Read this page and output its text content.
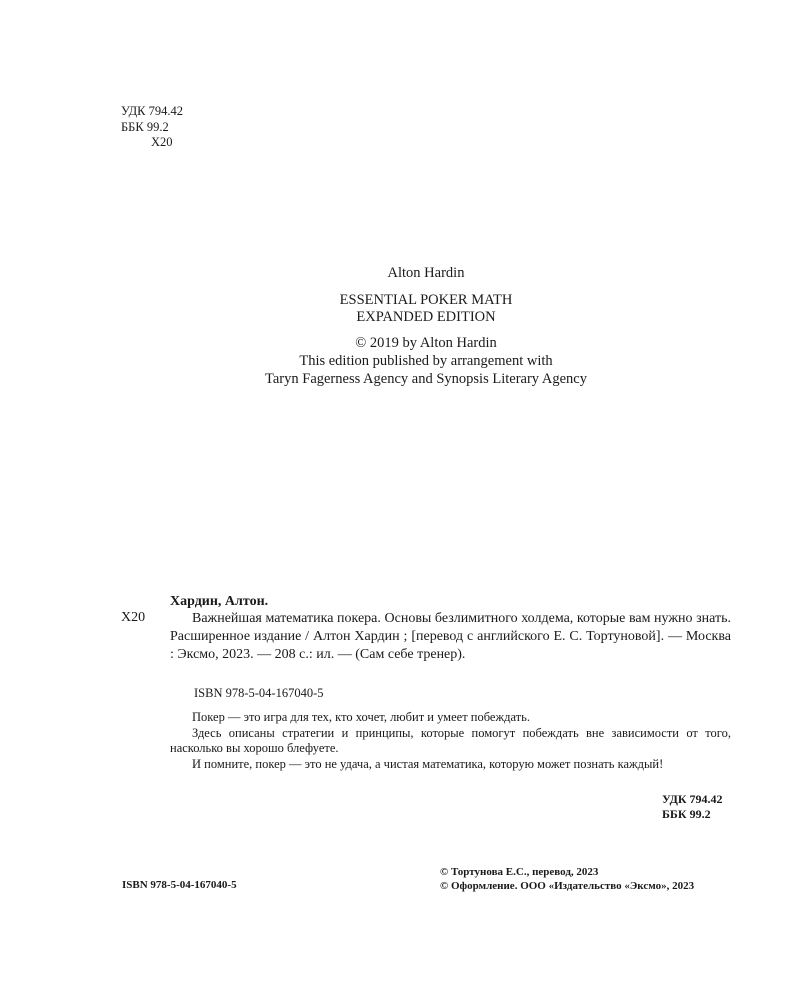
УДК 794.42
ББК 99.2
Х20
Alton Hardin
ESSENTIAL POKER MATH
EXPANDED EDITION
© 2019 by Alton Hardin
This edition published by arrangement with
Taryn Fagerness Agency and Synopsis Literary Agency
Хардин, Алтон.
Х20	Важнейшая математика покера. Основы безлимитного холдема, которые вам нужно знать. Расширенное издание / Алтон Хардин ; [перевод с английского Е. С. Тортуновой]. — Москва : Эксмо, 2023. — 208 с.: ил. — (Сам себе тренер).
ISBN 978-5-04-167040-5

Покер — это игра для тех, кто хочет, любит и умеет побеждать.

Здесь описаны стратегии и принципы, которые помогут побеждать вне зависимости от того, насколько вы хорошо блефуете.

И помните, покер — это не удача, а чистая математика, которую может познать каждый!

УДК 794.42
ББК 99.2
ISBN 978-5-04-167040-5
© Тортунова Е.С., перевод, 2023
© Оформление. ООО «Издательство «Эксмо», 2023
